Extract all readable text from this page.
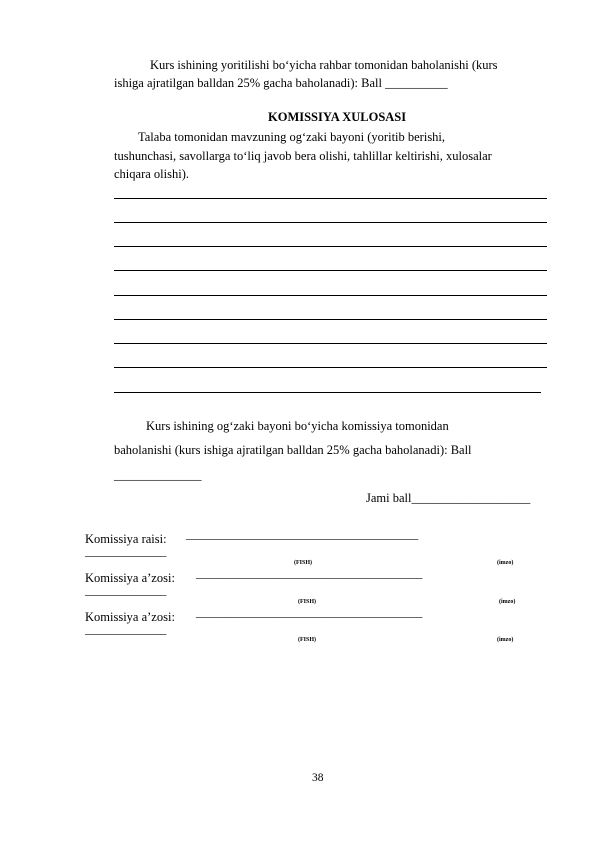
Kurs ishining yoritilishi bo‘yicha rahbar tomonidan baholanishi (kurs
ishiga ajratilgan balldan 25% gacha baholanadi): Ball __________
KOMISSIYA XULOSASI
Talaba tomonidan mavzuning og‘zaki bayoni (yoritib berishi,
tushunchasi, savollarga to‘liq javob bera olishi, tahlillar keltirishi, xulosalar
chiqara olishi).
Kurs ishining og‘zaki bayoni bo‘yicha komissiya tomonidan
baholanishi (kurs ishiga ajratilgan balldan 25% gacha baholanadi): Ball
______________
Jami ball___________________
Komissiya raisi: ________________________________________
______________
(FISH)	(imzo)
Komissiya a’zosi: _______________________________________
______________
(FISH)	(imzo)
Komissiya a’zosi: _______________________________________
______________
(FISH)	(imzo)
38
